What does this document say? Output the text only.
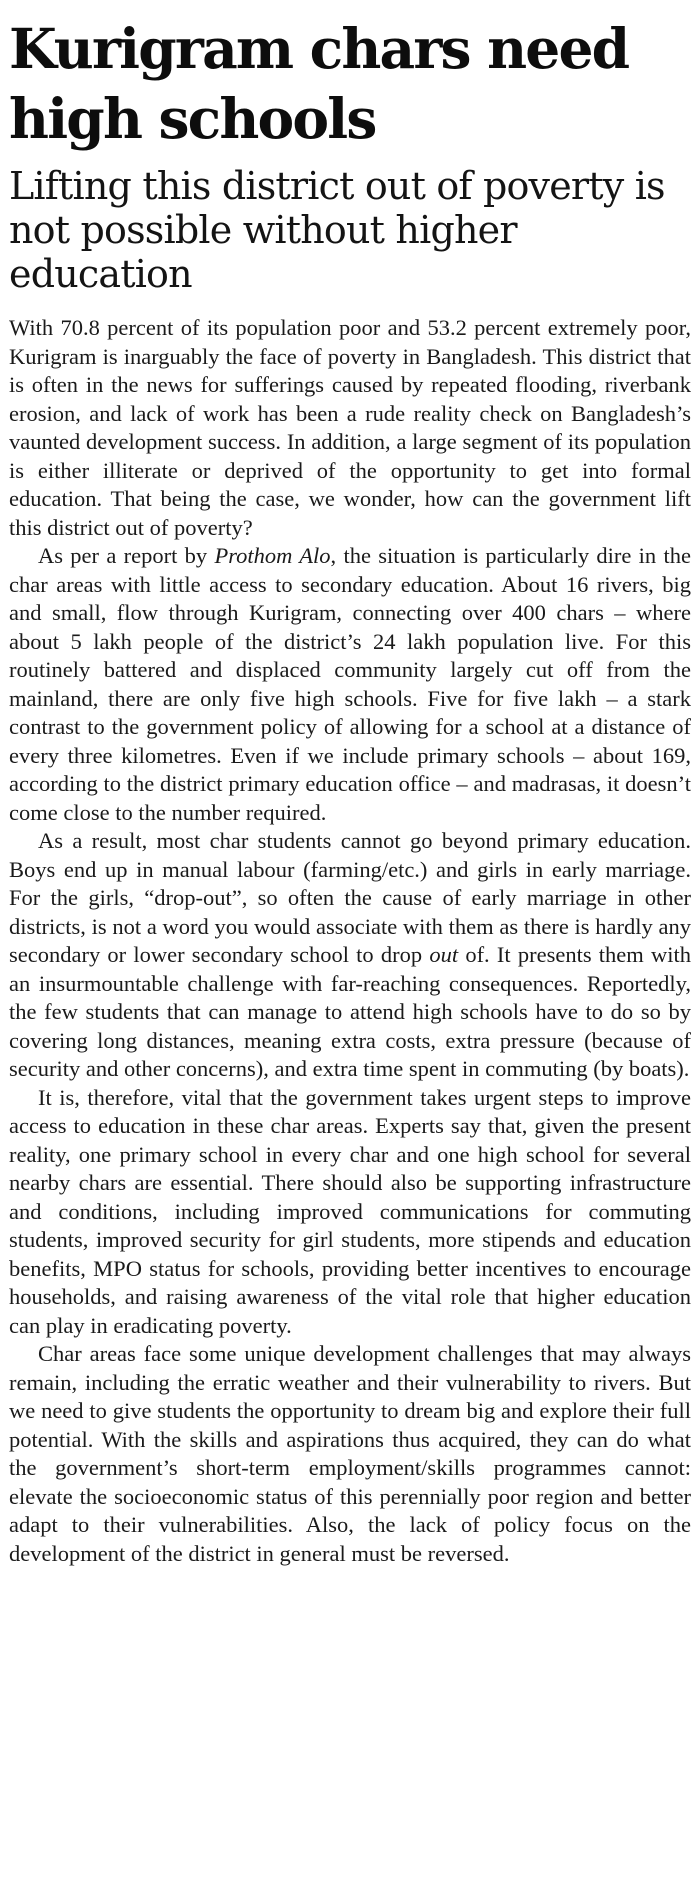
Kurigram chars need high schools
Lifting this district out of poverty is not possible without higher education

With 70.8 percent of its population poor and 53.2 percent extremely poor, Kurigram is inarguably the face of poverty in Bangladesh. This district that is often in the news for sufferings caused by repeated flooding, riverbank erosion, and lack of work has been a rude reality check on Bangladesh’s vaunted development success. In addition, a large segment of its population is either illiterate or deprived of the opportunity to get into formal education. That being the case, we wonder, how can the government lift this district out of poverty?

As per a report by Prothom Alo, the situation is particularly dire in the char areas with little access to secondary education. About 16 rivers, big and small, flow through Kurigram, connecting over 400 chars – where about 5 lakh people of the district’s 24 lakh population live. For this routinely battered and displaced community largely cut off from the mainland, there are only five high schools. Five for five lakh – a stark contrast to the government policy of allowing for a school at a distance of every three kilometres. Even if we include primary schools – about 169, according to the district primary education office – and madrasas, it doesn’t come close to the number required.

As a result, most char students cannot go beyond primary education. Boys end up in manual labour (farming/etc.) and girls in early marriage. For the girls, “drop-out”, so often the cause of early marriage in other districts, is not a word you would associate with them as there is hardly any secondary or lower secondary school to drop out of. It presents them with an insurmountable challenge with far-reaching consequences. Reportedly, the few students that can manage to attend high schools have to do so by covering long distances, meaning extra costs, extra pressure (because of security and other concerns), and extra time spent in commuting (by boats).

It is, therefore, vital that the government takes urgent steps to improve access to education in these char areas. Experts say that, given the present reality, one primary school in every char and one high school for several nearby chars are essential. There should also be supporting infrastructure and conditions, including improved communications for commuting students, improved security for girl students, more stipends and education benefits, MPO status for schools, providing better incentives to encourage households, and raising awareness of the vital role that higher education can play in eradicating poverty.

Char areas face some unique development challenges that may always remain, including the erratic weather and their vulnerability to rivers. But we need to give students the opportunity to dream big and explore their full potential. With the skills and aspirations thus acquired, they can do what the government’s short-term employment/skills programmes cannot: elevate the socioeconomic status of this perennially poor region and better adapt to their vulnerabilities. Also, the lack of policy focus on the development of the district in general must be reversed.
